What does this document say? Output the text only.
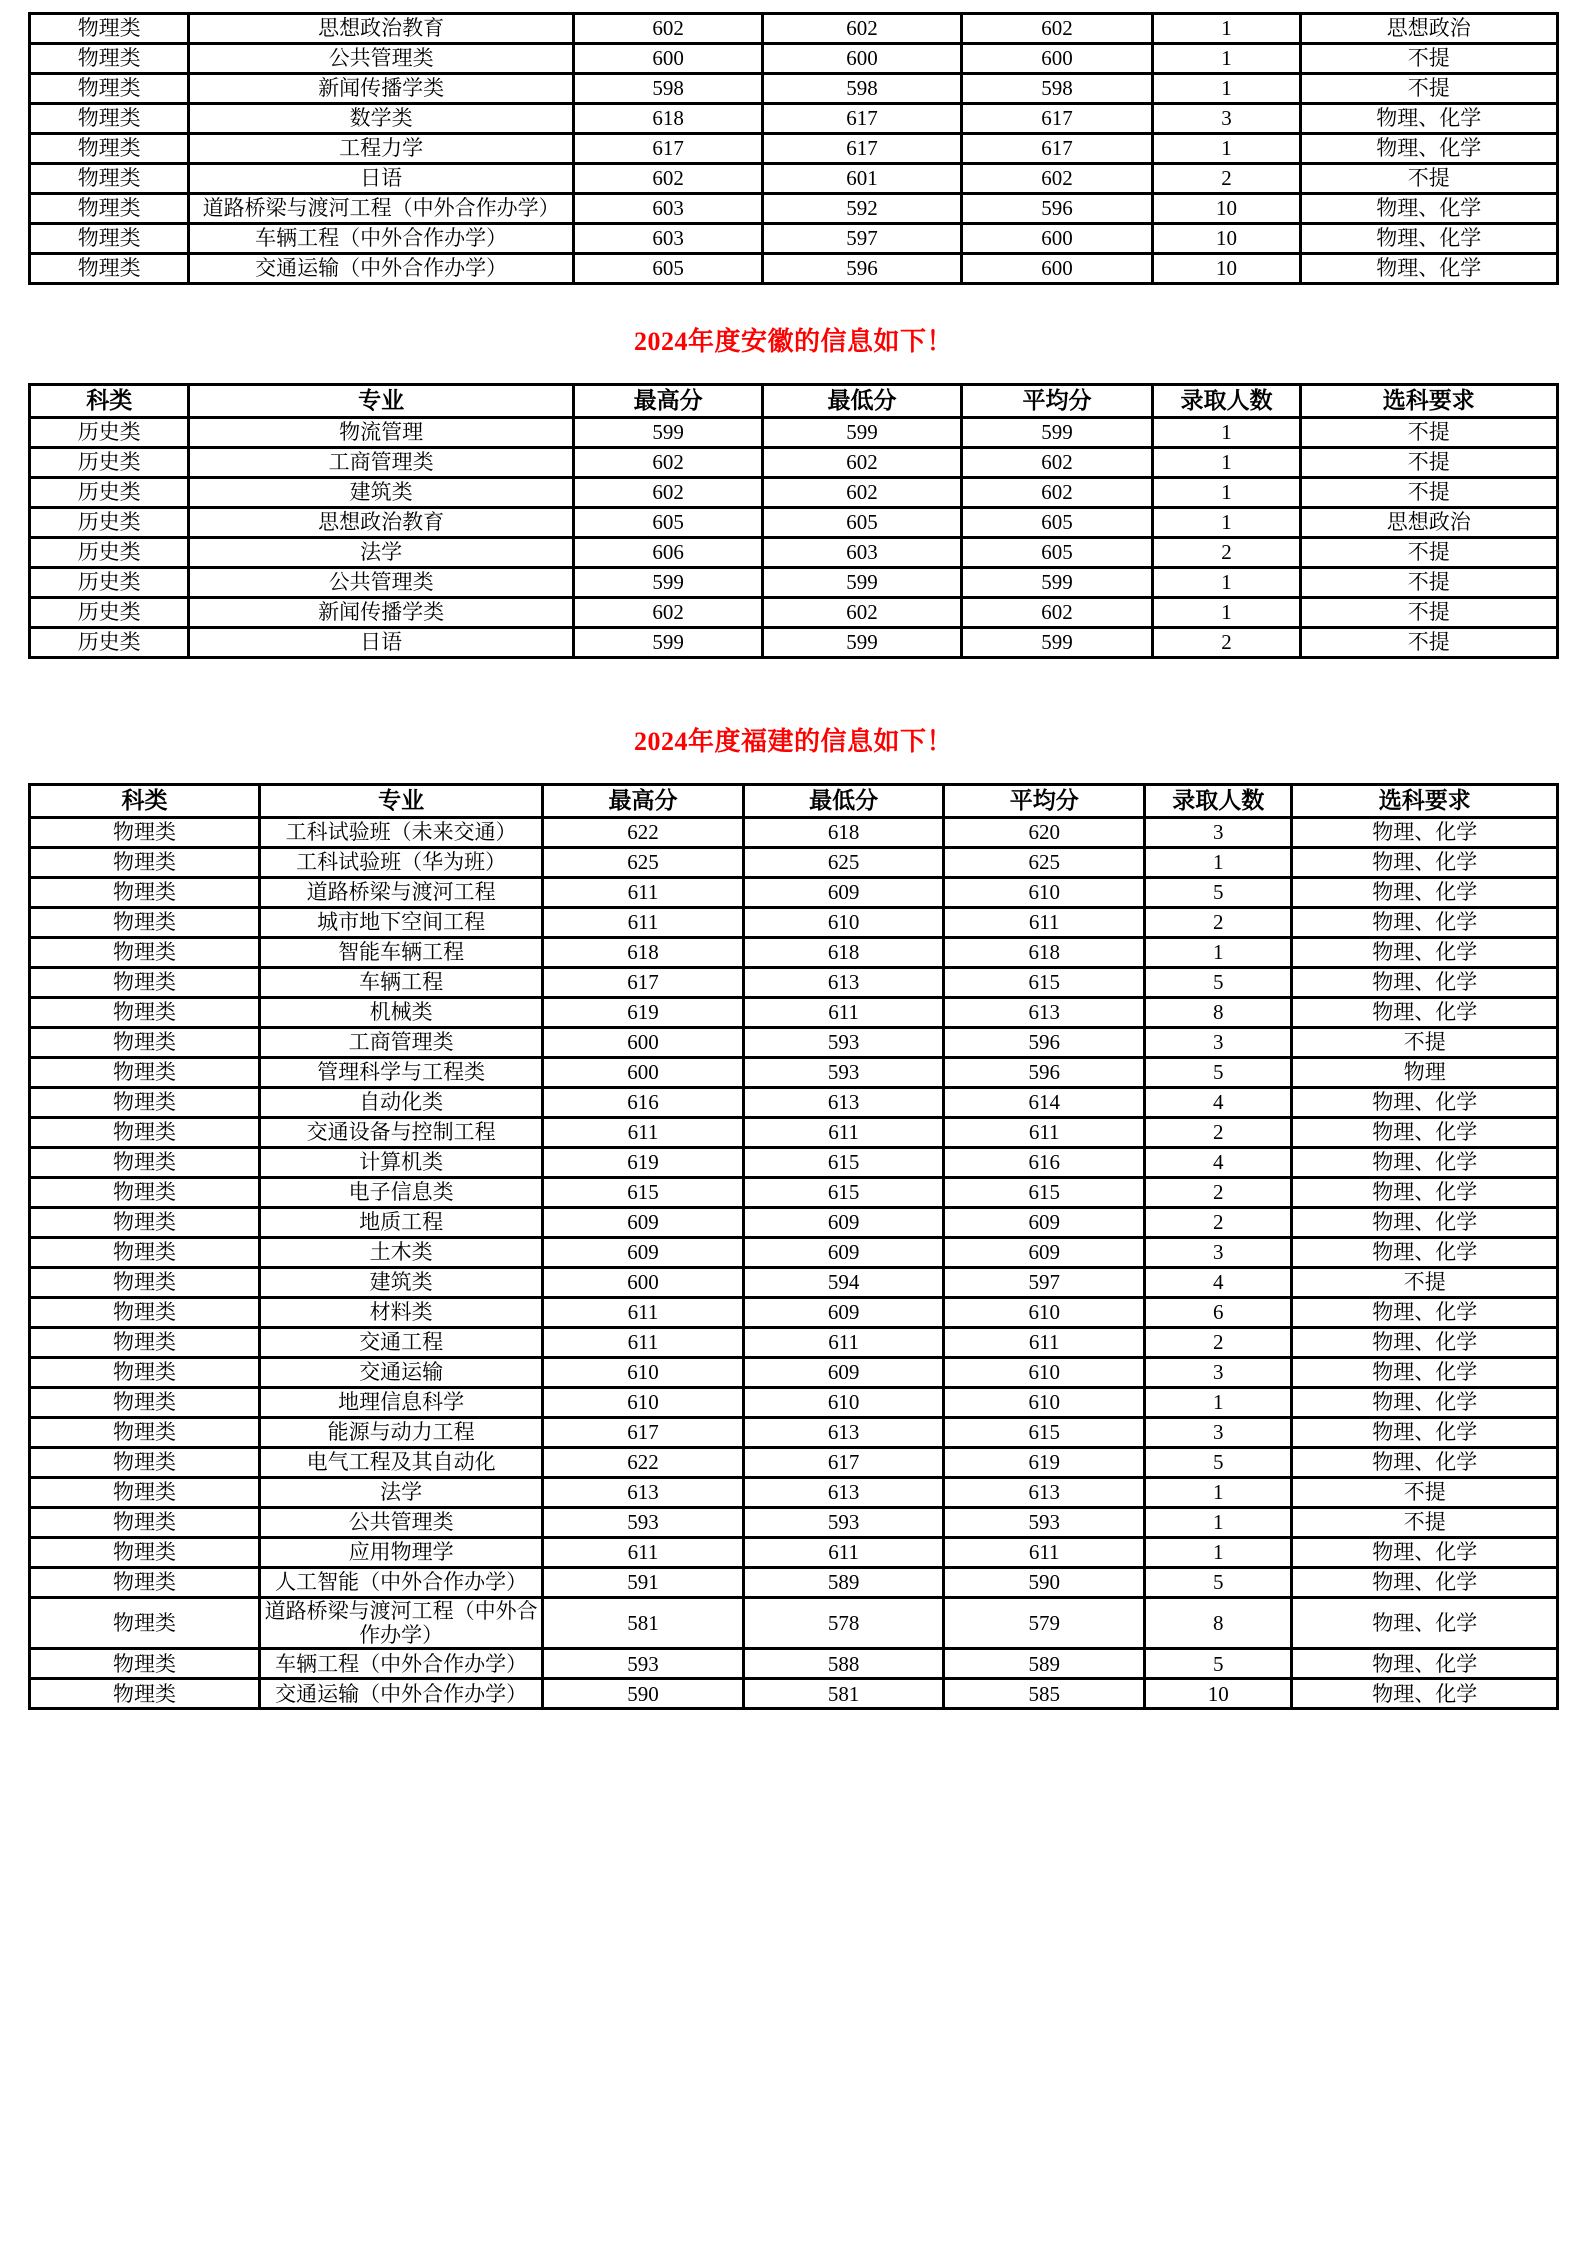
物理类	思想政治教育	602	602	602	1	思想政治
物理类	公共管理类	600	600	600	1	不提
物理类	新闻传播学类	598	598	598	1	不提
物理类	数学类	618	617	617	3	物理、化学
物理类	工程力学	617	617	617	1	物理、化学
物理类	日语	602	601	602	2	不提
物理类	道路桥梁与渡河工程（中外合作办学）	603	592	596	10	物理、化学
物理类	车辆工程（中外合作办学）	603	597	600	10	物理、化学
物理类	交通运输（中外合作办学）	605	596	600	10	物理、化学
2024年度安徽的信息如下！
科类	专业	最高分	最低分	平均分	录取人数	选科要求
历史类	物流管理	599	599	599	1	不提
历史类	工商管理类	602	602	602	1	不提
历史类	建筑类	602	602	602	1	不提
历史类	思想政治教育	605	605	605	1	思想政治
历史类	法学	606	603	605	2	不提
历史类	公共管理类	599	599	599	1	不提
历史类	新闻传播学类	602	602	602	1	不提
历史类	日语	599	599	599	2	不提
2024年度福建的信息如下！
科类	专业	最高分	最低分	平均分	录取人数	选科要求
物理类	工科试验班（未来交通）	622	618	620	3	物理、化学
物理类	工科试验班（华为班）	625	625	625	1	物理、化学
物理类	道路桥梁与渡河工程	611	609	610	5	物理、化学
物理类	城市地下空间工程	611	610	611	2	物理、化学
物理类	智能车辆工程	618	618	618	1	物理、化学
物理类	车辆工程	617	613	615	5	物理、化学
物理类	机械类	619	611	613	8	物理、化学
物理类	工商管理类	600	593	596	3	不提
物理类	管理科学与工程类	600	593	596	5	物理
物理类	自动化类	616	613	614	4	物理、化学
物理类	交通设备与控制工程	611	611	611	2	物理、化学
物理类	计算机类	619	615	616	4	物理、化学
物理类	电子信息类	615	615	615	2	物理、化学
物理类	地质工程	609	609	609	2	物理、化学
物理类	土木类	609	609	609	3	物理、化学
物理类	建筑类	600	594	597	4	不提
物理类	材料类	611	609	610	6	物理、化学
物理类	交通工程	611	611	611	2	物理、化学
物理类	交通运输	610	609	610	3	物理、化学
物理类	地理信息科学	610	610	610	1	物理、化学
物理类	能源与动力工程	617	613	615	3	物理、化学
物理类	电气工程及其自动化	622	617	619	5	物理、化学
物理类	法学	613	613	613	1	不提
物理类	公共管理类	593	593	593	1	不提
物理类	应用物理学	611	611	611	1	物理、化学
物理类	人工智能（中外合作办学）	591	589	590	5	物理、化学
物理类	道路桥梁与渡河工程（中外合作办学）	581	578	579	8	物理、化学
物理类	车辆工程（中外合作办学）	593	588	589	5	物理、化学
物理类	交通运输（中外合作办学）	590	581	585	10	物理、化学
